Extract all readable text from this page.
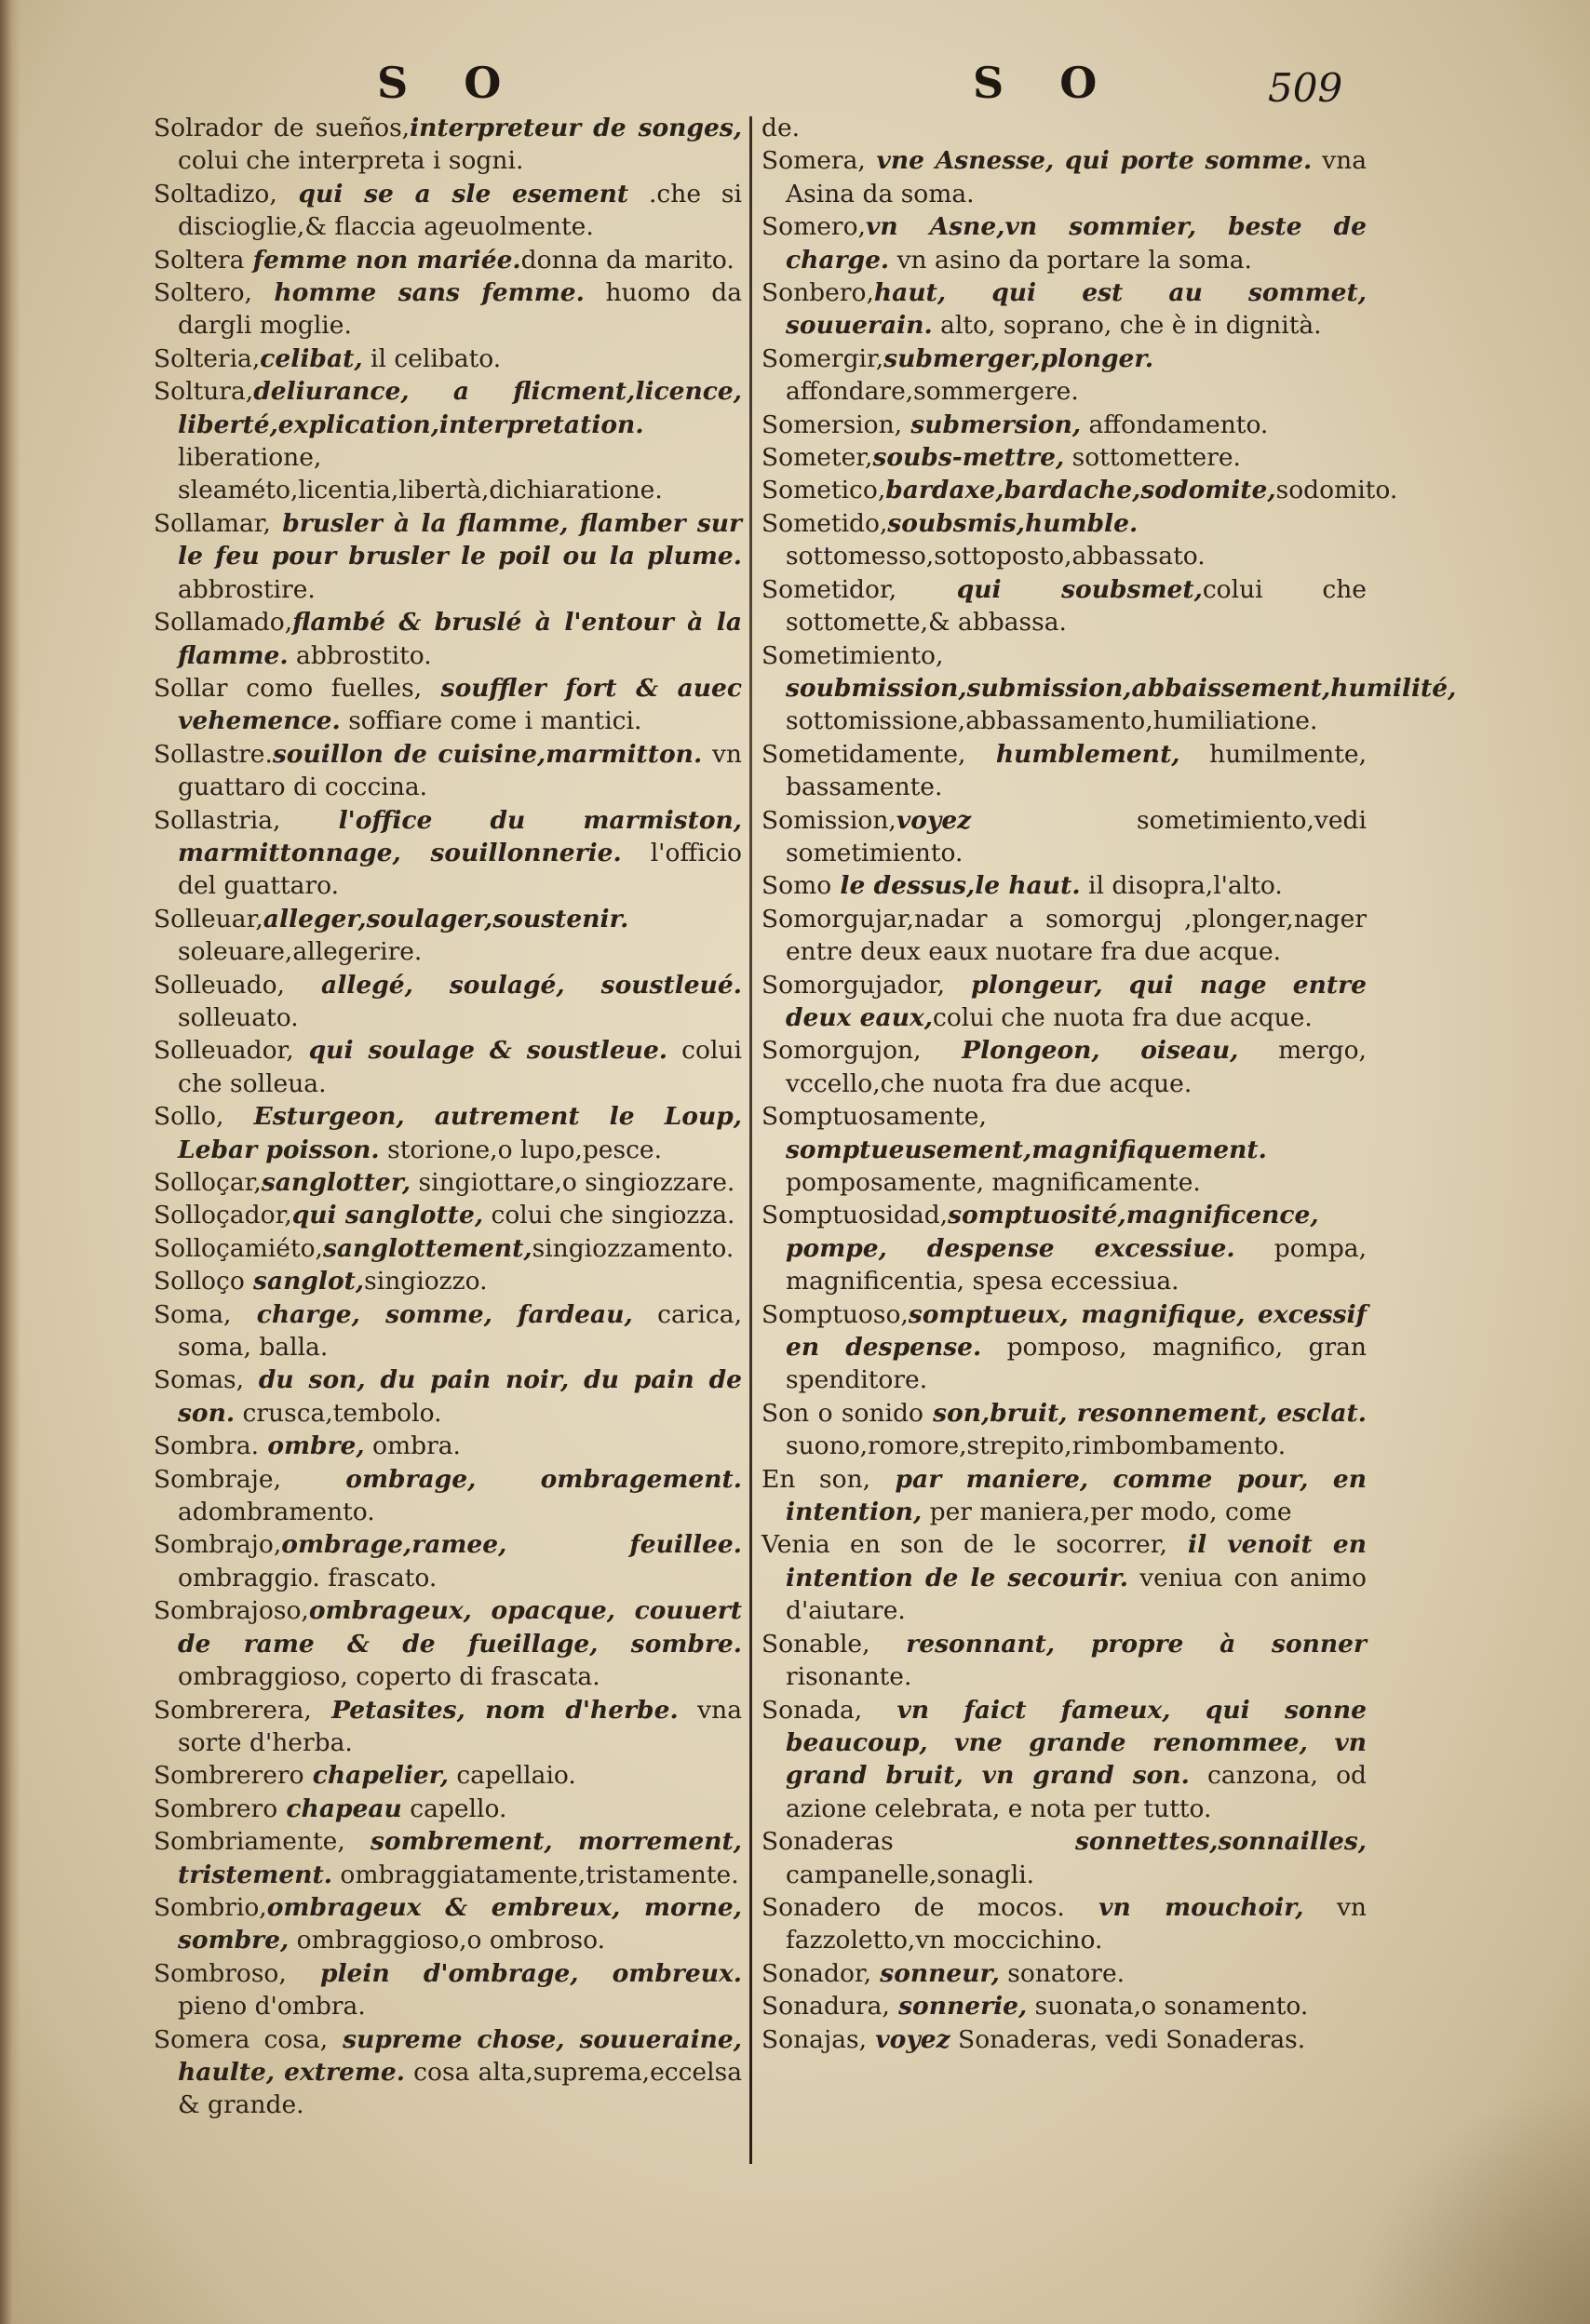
S O	S O	509

Solrador de sueños,interpreteur de songes, colui che interpreta i sogni.

Soltadizo, qui se a sle esement .che si discioglie,& flaccia ageuolmente.

Soltera femme non mariée.donna da marito.

Soltero, homme sans femme. huomo da dargli moglie.

Solteria,celibat, il celibato.

Soltura,deliurance, a flicment,licence, liberté,explication,interpretation. liberatione, sleaméto,licentia,libertà,dichiaratione.

Sollamar, brusler à la flamme, flamber sur le feu pour brusler le poil ou la plume. abbrostire.

Sollamado,flambé & bruslé à l'entour à la flamme. abbrostito.

Sollar como fuelles, souffler fort & auec vehemence. soffiare come i mantici.

Sollastre.souillon de cuisine,marmitton. vn guattaro di coccina.

Sollastria, l'office du marmiston, marmittonnage, souillonnerie. l'officio del guattaro.

Solleuar,alleger,soulager,soustenir. soleuare,allegerire.

Solleuado, allegé, soulagé, soustleué. solleuato.

Solleuador, qui soulage & soustleue. colui che solleua.

Sollo, Esturgeon, autrement le Loup, Lebar poisson. storione,o lupo,pesce.

Solloçar,sanglotter, singiottare,o singiozzare.

Solloçador,qui sanglotte, colui che singiozza.

Solloçamiéto,sanglottement,singiozzamento.

Solloço sanglot,singiozzo.

Soma, charge, somme, fardeau, carica, soma, balla.

Somas, du son, du pain noir, du pain de son. crusca,tembolo.

Sombra. ombre, ombra.

Sombraje, ombrage, ombragement. adombramento.

Sombrajo,ombrage,ramee, feuillee. ombraggio. frascato.

Sombrajoso,ombrageux, opacque, couuert de rame & de fueillage, sombre. ombraggioso, coperto di frascata.

Sombrerera, Petasites, nom d'herbe. vna sorte d'herba.

Sombrerero chapelier, capellaio.

Sombrero chapeau capello.

Sombriamente, sombrement, morrement, tristement. ombraggiatamente,tristamente.

Sombrio,ombrageux & embreux, morne, sombre, ombraggioso,o ombroso.

Sombroso, plein d'ombrage, ombreux. pieno d'ombra.

Somera cosa, supreme chose, souueraine, haulte, extreme. cosa alta,suprema,eccelsa & grande.

de.

Somera, vne Asnesse, qui porte somme. vna Asina da soma.

Somero,vn Asne,vn sommier, beste de charge. vn asino da portare la soma.

Sonbero,haut, qui est au sommet, souuerain. alto, soprano, che è in dignità.

Somergir,submerger,plonger. affondare,sommergere.

Somersion, submersion, affondamento.

Someter,soubs-mettre, sottomettere.

Sometico,bardaxe,bardache,sodomite,sodomito.

Sometido,soubsmis,humble. sottomesso,sottoposto,abbassato.

Sometidor, qui soubsmet,colui che sottomette,& abbassa.

Sometimiento, soubmission,submission,abbaissement,humilité, sottomissione,abbassamento,humiliatione.

Sometidamente, humblement, humilmente, bassamente.

Somission,voyez sometimiento,vedi sometimiento.

Somo le dessus,le haut. il disopra,l'alto.

Somorgujar,nadar a somorguj ,plonger,nager entre deux eaux nuotare fra due acque.

Somorgujador, plongeur, qui nage entre deux eaux,colui che nuota fra due acque.

Somorgujon, Plongeon, oiseau, mergo, vccello,che nuota fra due acque.

Somptuosamente, somptueusement,magnifiquement. pomposamente, magnificamente.

Somptuosidad,somptuosité,magnificence, pompe, despense excessiue. pompa, magnificentia, spesa eccessiua.

Somptuoso,somptueux, magnifique, excessif en despense. pomposo, magnifico, gran spenditore.

Son o sonido son,bruit, resonnement, esclat. suono,romore,strepito,rimbombamento.

En son, par maniere, comme pour, en intention, per maniera,per modo, come

Venia en son de le socorrer, il venoit en intention de le secourir. veniua con animo d'aiutare.

Sonable, resonnant, propre à sonner risonante.

Sonada, vn faict fameux, qui sonne beaucoup, vne grande renommee, vn grand bruit, vn grand son. canzona, od azione celebrata, e nota per tutto.

Sonaderas sonnettes,sonnailles, campanelle,sonagli.

Sonadero de mocos. vn mouchoir, vn fazzoletto,vn moccichino.

Sonador, sonneur, sonatore.

Sonadura, sonnerie, suonata,o sonamento.

Sonajas, voyez Sonaderas, vedi Sonaderas.
